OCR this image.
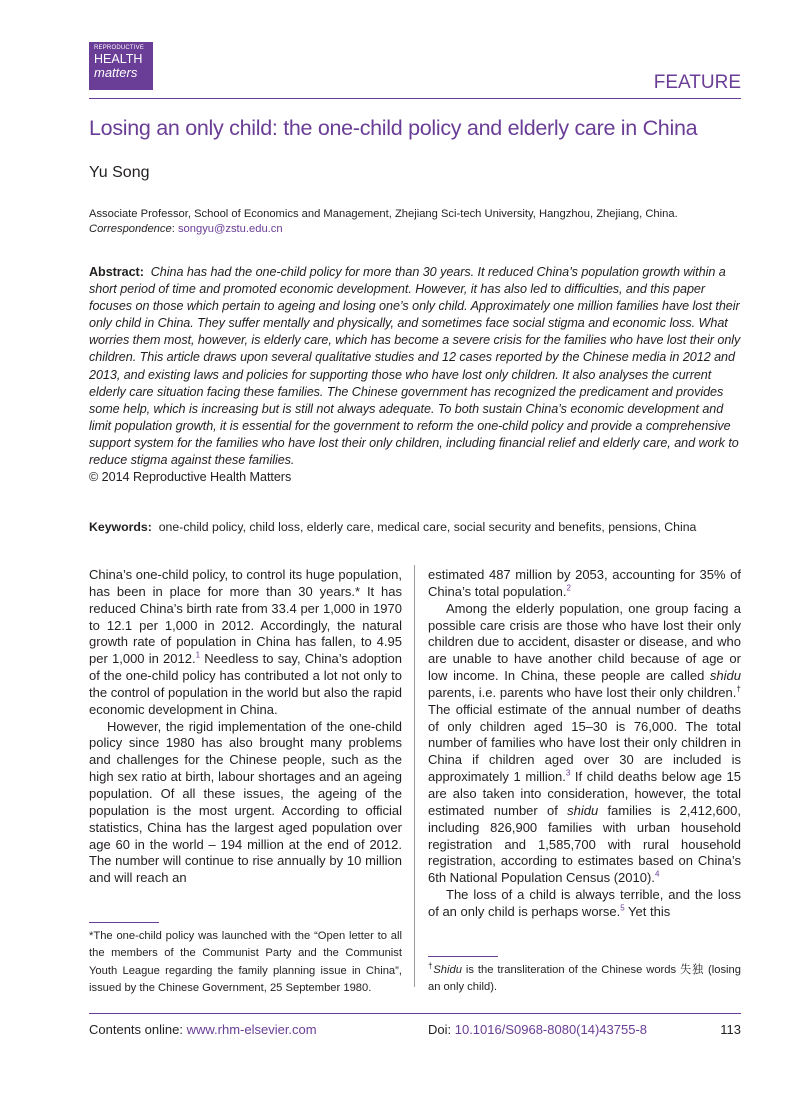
REPRODUCTIVE
HEALTH
matters	FEATURE
Losing an only child: the one-child policy and elderly care in China
Yu Song
Associate Professor, School of Economics and Management, Zhejiang Sci-tech University, Hangzhou, Zhejiang, China.
Correspondence: songyu@zstu.edu.cn
Abstract: China has had the one-child policy for more than 30 years. It reduced China’s population growth within a short period of time and promoted economic development. However, it has also led to difficulties, and this paper focuses on those which pertain to ageing and losing one’s only child. Approximately one million families have lost their only child in China. They suffer mentally and physically, and sometimes face social stigma and economic loss. What worries them most, however, is elderly care, which has become a severe crisis for the families who have lost their only children. This article draws upon several qualitative studies and 12 cases reported by the Chinese media in 2012 and 2013, and existing laws and policies for supporting those who have lost only children. It also analyses the current elderly care situation facing these families. The Chinese government has recognized the predicament and provides some help, which is increasing but is still not always adequate. To both sustain China’s economic development and limit population growth, it is essential for the government to reform the one-child policy and provide a comprehensive support system for the families who have lost their only children, including financial relief and elderly care, and work to reduce stigma against these families.
© 2014 Reproductive Health Matters
Keywords: one-child policy, child loss, elderly care, medical care, social security and benefits, pensions, China

China’s one-child policy, to control its huge population, has been in place for more than 30 years.* It has reduced China’s birth rate from 33.4 per 1,000 in 1970 to 12.1 per 1,000 in 2012. Accordingly, the natural growth rate of population in China has fallen, to 4.95 per 1,000 in 2012.$^1$ Needless to say, China’s adoption of the one-child policy has contributed a lot not only to the control of population in the world but also the rapid economic development in China.

However, the rigid implementation of the one-child policy since 1980 has also brought many problems and challenges for the Chinese people, such as the high sex ratio at birth, labour shortages and an ageing population. Of all these issues, the ageing of the population is the most urgent. According to official statistics, China has the largest aged population over age 60 in the world – 194 million at the end of 2012. The number will continue to rise annually by 10 million and will reach an

estimated 487 million by 2053, accounting for 35% of China’s total population.$^2$

Among the elderly population, one group facing a possible care crisis are those who have lost their only children due to accident, disaster or disease, and who are unable to have another child because of age or low income. In China, these people are called shidu parents, i.e. parents who have lost their only children.† The official estimate of the annual number of deaths of only children aged 15–30 is 76,000. The total number of families who have lost their only children in China if children aged over 30 are included is approximately 1 million.$^3$ If child deaths below age 15 are also taken into consideration, however, the total estimated number of shidu families is 2,412,600, including 826,900 families with urban household registration and 1,585,700 with rural household registration, according to estimates based on China’s 6th National Population Census (2010).$^4$

The loss of a child is always terrible, and the loss of an only child is perhaps worse.$^5$ Yet this

*The one-child policy was launched with the “Open letter to all the members of the Communist Party and the Communist Youth League regarding the family planning issue in China”, issued by the Chinese Government, 25 September 1980.
†Shidu is the transliteration of the Chinese words 失独 (losing an only child).
Contents online: www.rhm-elsevier.com	Doi: 10.1016/S0968-8080(14)43755-8	113
